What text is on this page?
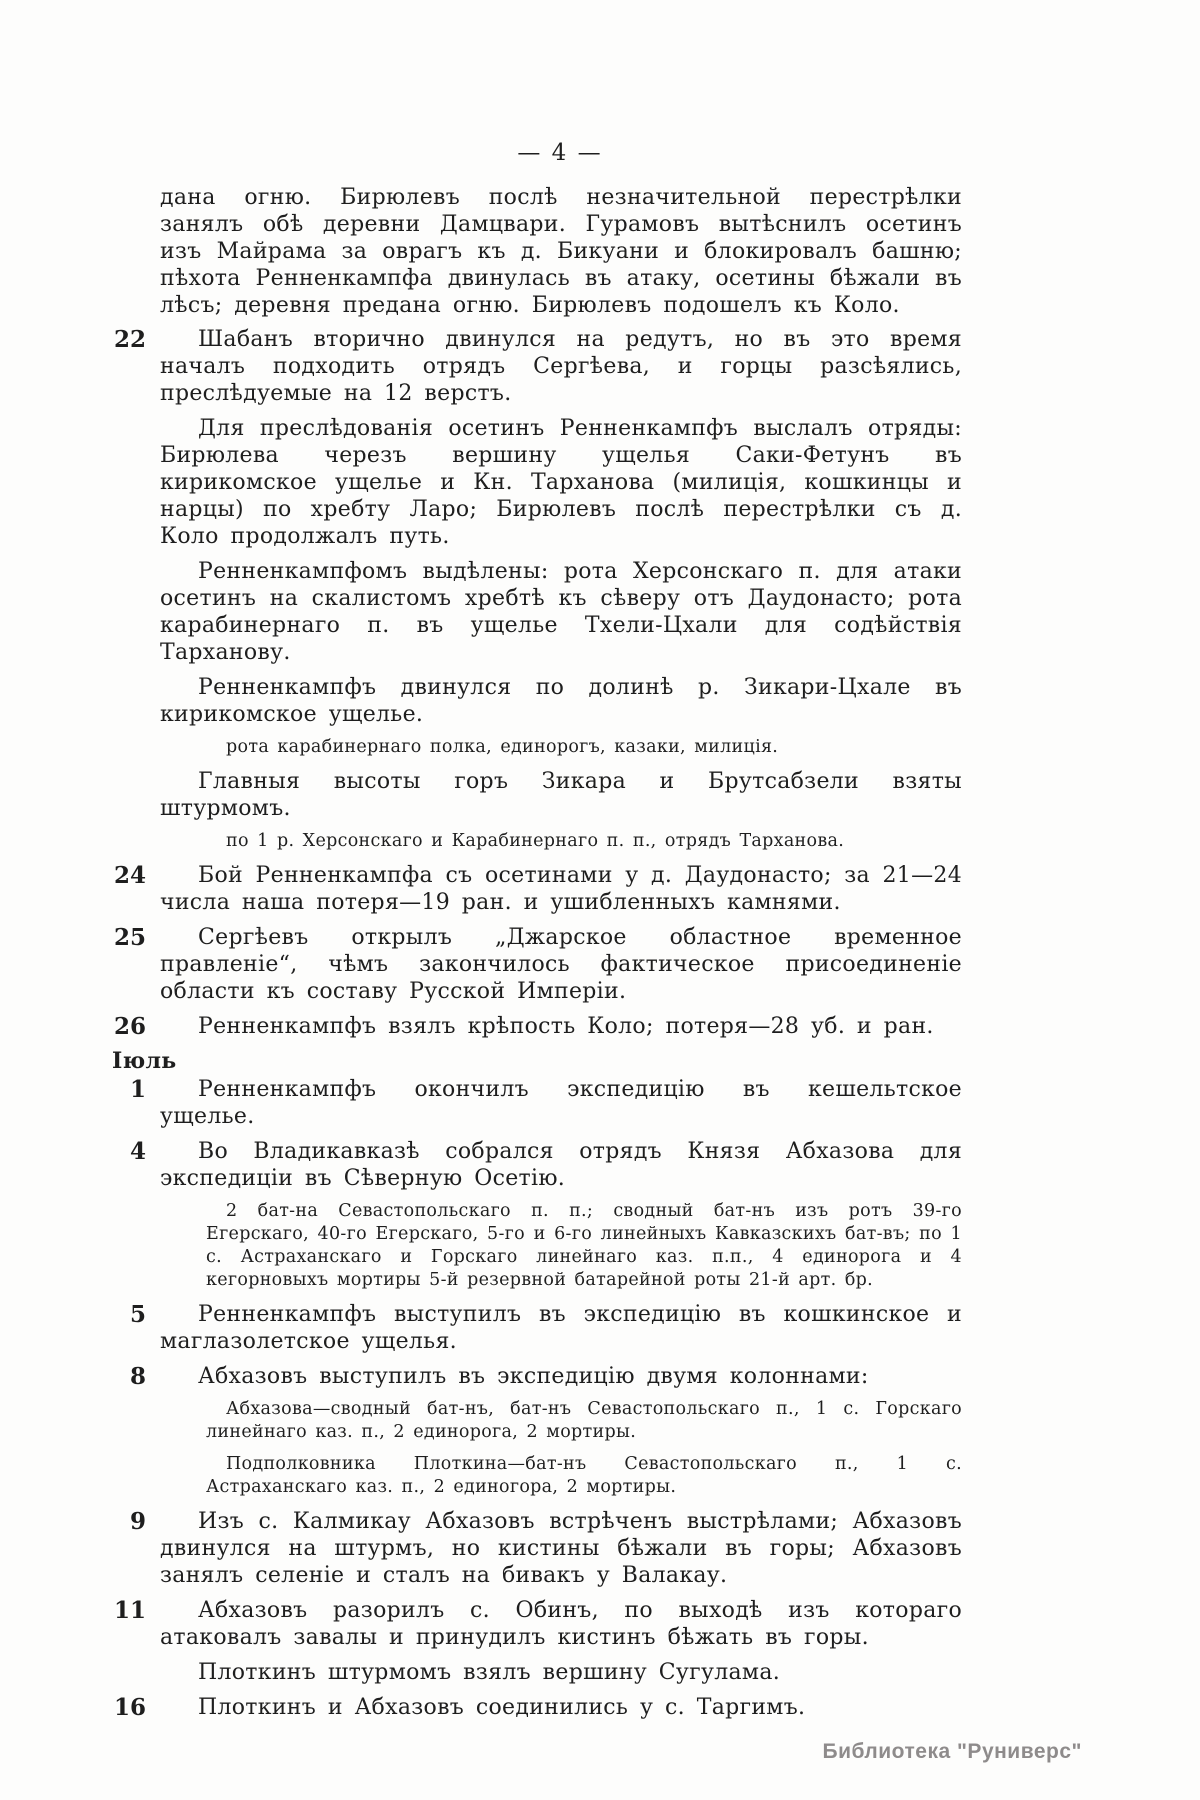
— 4 —
дана огню. Бирюлевъ послѣ незначительной перестрѣлки занялъ обѣ деревни Дамцвари. Гурамовъ вытѣснилъ осетинъ изъ Майрама за оврагъ къ д. Бикуани и блокировалъ башню; пѣхота Ренненкампфа двинулась въ атаку, осетины бѣжали въ лѣсъ; деревня предана огню. Бирюлевъ подошелъ къ Коло.
22	Шабанъ вторично двинулся на редутъ, но въ это время началъ подходить отрядъ Сергѣева, и горцы разсѣялись, преслѣдуемые на 12 верстъ.
Для преслѣдованія осетинъ Ренненкампфъ выслалъ отряды: Бирюлева черезъ вершину ущелья Саки-Фетунъ въ кирикомское ущелье и Кн. Тарханова (милиція, кошкинцы и нарцы) по хребту Ларо; Бирюлевъ послѣ перестрѣлки съ д. Коло продолжалъ путь.
Ренненкампфомъ выдѣлены: рота Херсонскаго п. для атаки осетинъ на скалистомъ хребтѣ къ сѣверу отъ Даудонасто; рота карабинернаго п. въ ущелье Тхели-Цхали для содѣйствія Тарханову.
Ренненкампфъ двинулся по долинѣ р. Зикари-Цхале въ кирикомское ущелье.
рота карабинернаго полка, единорогъ, казаки, милиція.
Главныя высоты горъ Зикара и Брутсабзели взяты штурмомъ.
по 1 р. Херсонскаго и Карабинернаго п. п., отрядъ Тарханова.
24	Бой Ренненкампфа съ осетинами у д. Даудонасто; за 21—24 числа наша потеря—19 ран. и ушибленныхъ камнями.
25	Сергѣевъ открылъ „Джарское областное временное правленіе“, чѣмъ закончилось фактическое присоединеніе области къ составу Русской Имперіи.
26	Ренненкампфъ взялъ крѣпость Коло; потеря—28 уб. и ран.
Іюль
1	Ренненкампфъ окончилъ экспедицію въ кешельтское ущелье.
4	Во Владикавказѣ собрался отрядъ Князя Абхазова для экспедиціи въ Сѣверную Осетію.
2 бат-на Севастопольскаго п. п.; сводный бат-нъ изъ ротъ 39-го Егерскаго, 40-го Егерскаго, 5-го и 6-го линейныхъ Кавказскихъ бат-въ; по 1 с. Астраханскаго и Горскаго линейнаго каз. п.п., 4 единорога и 4 кегорновыхъ мортиры 5-й резервной батарейной роты 21-й арт. бр.
5	Ренненкампфъ выступилъ въ экспедицію въ кошкинское и маглазолетское ущелья.
8	Абхазовъ выступилъ въ экспедицію двумя колоннами:
Абхазова—сводный бат-нъ, бат-нъ Севастопольскаго п., 1 с. Горскаго линейнаго каз. п., 2 единорога, 2 мортиры.
Подполковника Плоткина—бат-нъ Севастопольскаго п., 1 с. Астраханскаго каз. п., 2 единогора, 2 мортиры.
9	Изъ с. Калмикау Абхазовъ встрѣченъ выстрѣлами; Абхазовъ двинулся на штурмъ, но кистины бѣжали въ горы; Абхазовъ занялъ селеніе и сталъ на бивакъ у Валакау.
11	Абхазовъ разорилъ с. Обинъ, по выходѣ изъ котораго атаковалъ завалы и принудилъ кистинъ бѣжать въ горы.
Плоткинъ штурмомъ взялъ вершину Сугулама.
16	Плоткинъ и Абхазовъ соединились у с. Таргимъ.
Библиотека "Руниверс"
